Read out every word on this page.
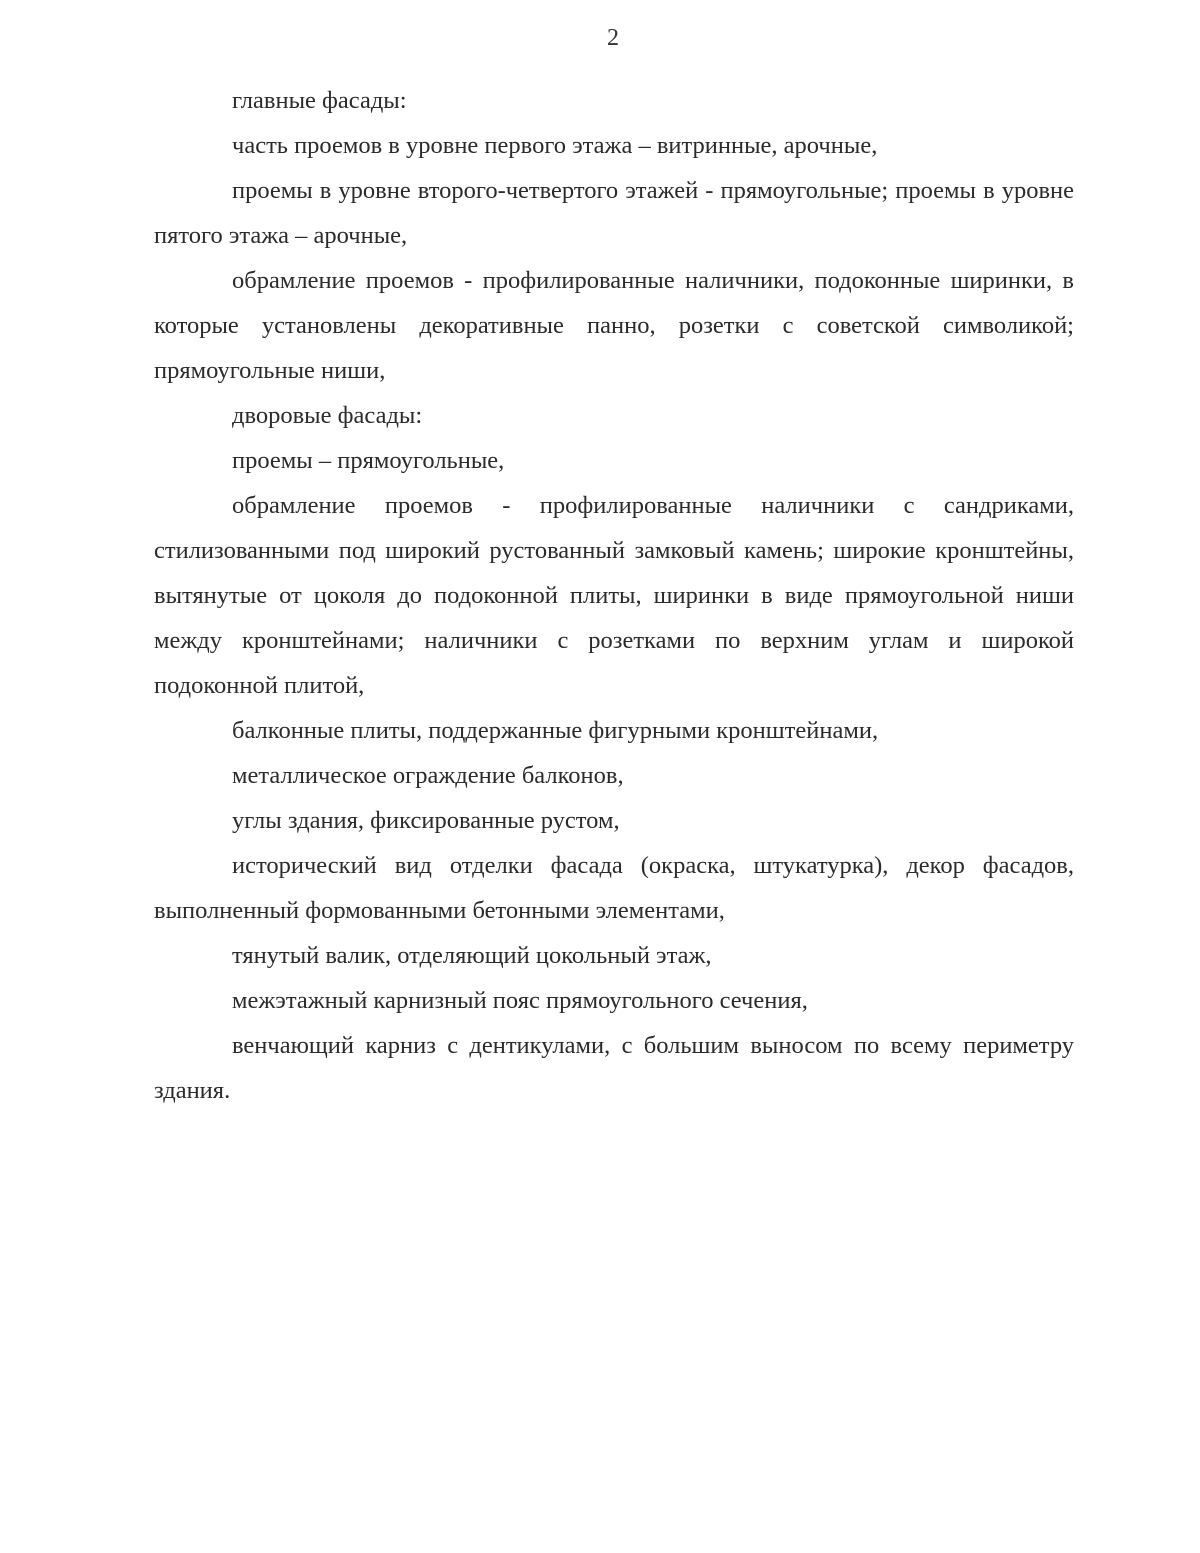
2

главные фасады:

часть проемов в уровне первого этажа – витринные, арочные,

проемы в уровне второго-четвертого этажей - прямоугольные; проемы в уровне пятого этажа – арочные,

обрамление проемов - профилированные наличники, подоконные ширинки, в которые установлены декоративные панно, розетки с советской символикой; прямоугольные ниши,

дворовые фасады:

проемы – прямоугольные,

обрамление проемов - профилированные наличники с сандриками, стилизованными под широкий рустованный замковый камень; широкие кронштейны, вытянутые от цоколя до подоконной плиты, ширинки в виде прямоугольной ниши между кронштейнами; наличники с розетками по верхним углам и широкой подоконной плитой,

балконные плиты, поддержанные фигурными кронштейнами,

металлическое ограждение балконов,

углы здания, фиксированные рустом,

исторический вид отделки фасада (окраска, штукатурка), декор фасадов, выполненный формованными бетонными элементами,

тянутый валик, отделяющий цокольный этаж,

межэтажный карнизный пояс прямоугольного сечения,

венчающий карниз с дентикулами, с большим выносом по всему периметру здания.
